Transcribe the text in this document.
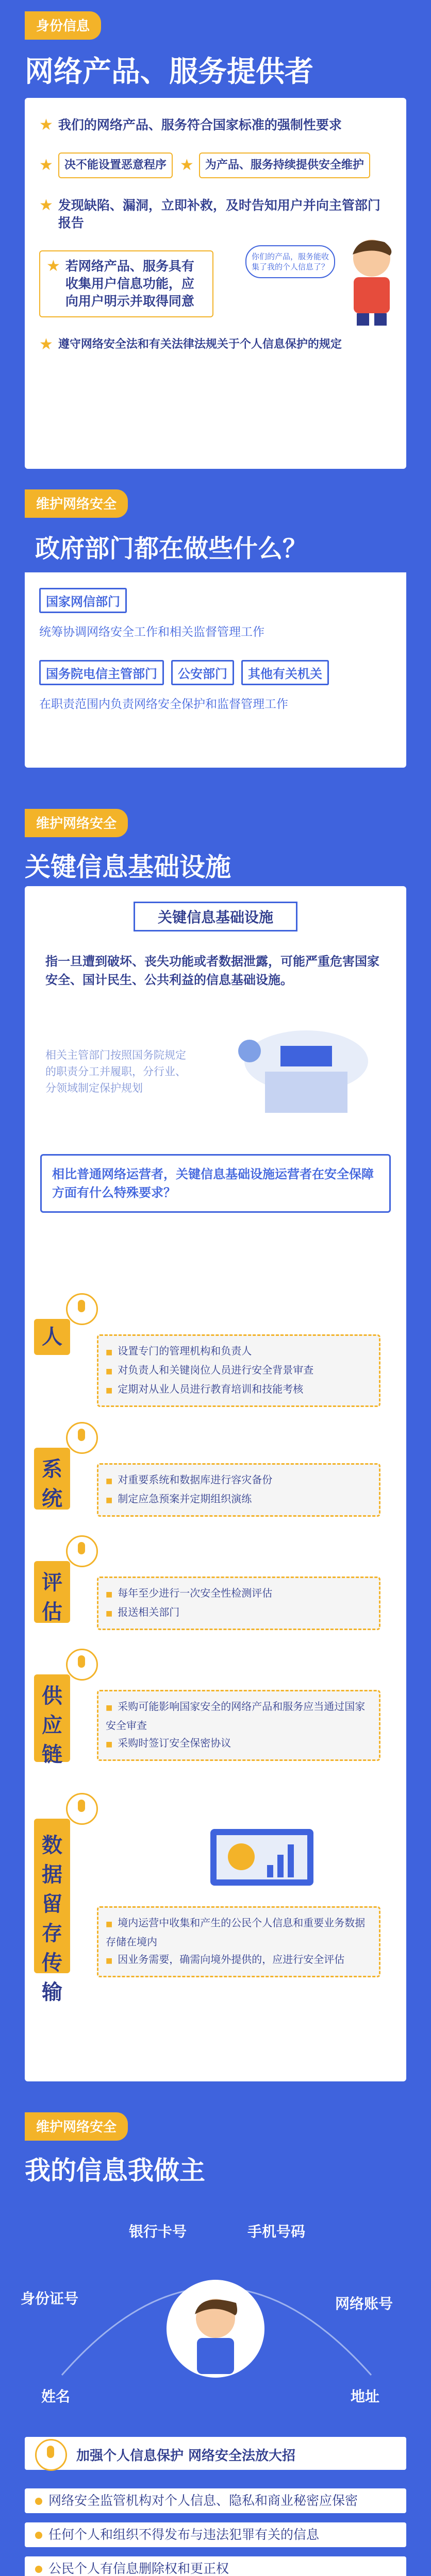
身份信息
网络产品、服务提供者
★ 我们的网络产品、服务符合国家标准的强制性要求
★	决不能设置恶意程序 ★	为产品、服务持续提供安全维护
★ 发现缺陷、漏洞，立即补救，及时告知用户并向主管部门报告
★ 若网络产品、服务具有收集用户信息功能，应向用户明示并取得同意
你们的产品，服务能收集了我的个人信息了？
★ 遵守网络安全法和有关法律法规关于个人信息保护的规定
维护网络安全
政府部门都在做些什么？
国家网信部门
统筹协调网络安全工作和相关监督管理工作
国务院电信主管部门	公安部门	其他有关机关
在职责范围内负责网络安全保护和监督管理工作
维护网络安全
关键信息基础设施
关键信息基础设施
指一旦遭到破坏、丧失功能或者数据泄露，可能严重危害国家安全、国计民生、公共利益的信息基础设施。
相关主管部门按照国务院规定的职责分工并履职，分行业、分领域制定保护规划
相比普通网络运营者，关键信息基础设施运营者在安全保障方面有什么特殊要求？
人
■ 设置专门的管理机构和负责人
■ 对负责人和关键岗位人员进行安全背景审查
■ 定期对从业人员进行教育培训和技能考核
系统
■ 对重要系统和数据库进行容灾备份
■ 制定应急预案并定期组织演练
评估
■ 每年至少进行一次安全性检测评估
■ 报送相关部门
供应链
■ 采购可能影响国家安全的网络产品和服务应当通过国家安全审查
■ 采购时签订安全保密协议
数据留存传输
■ 境内运营中收集和产生的公民个人信息和重要业务数据存储在境内
■ 因业务需要，确需向境外提供的，应进行安全评估
维护网络安全
我的信息我做主
银行卡号	手机号码
身份证号	网络账号
姓名	地址
加强个人信息保护 网络安全法放大招
网络安全监管机构对个人信息、隐私和商业秘密应保密
任何个人和组织不得发布与违法犯罪有关的信息
公民个人有信息删除权和更正权
